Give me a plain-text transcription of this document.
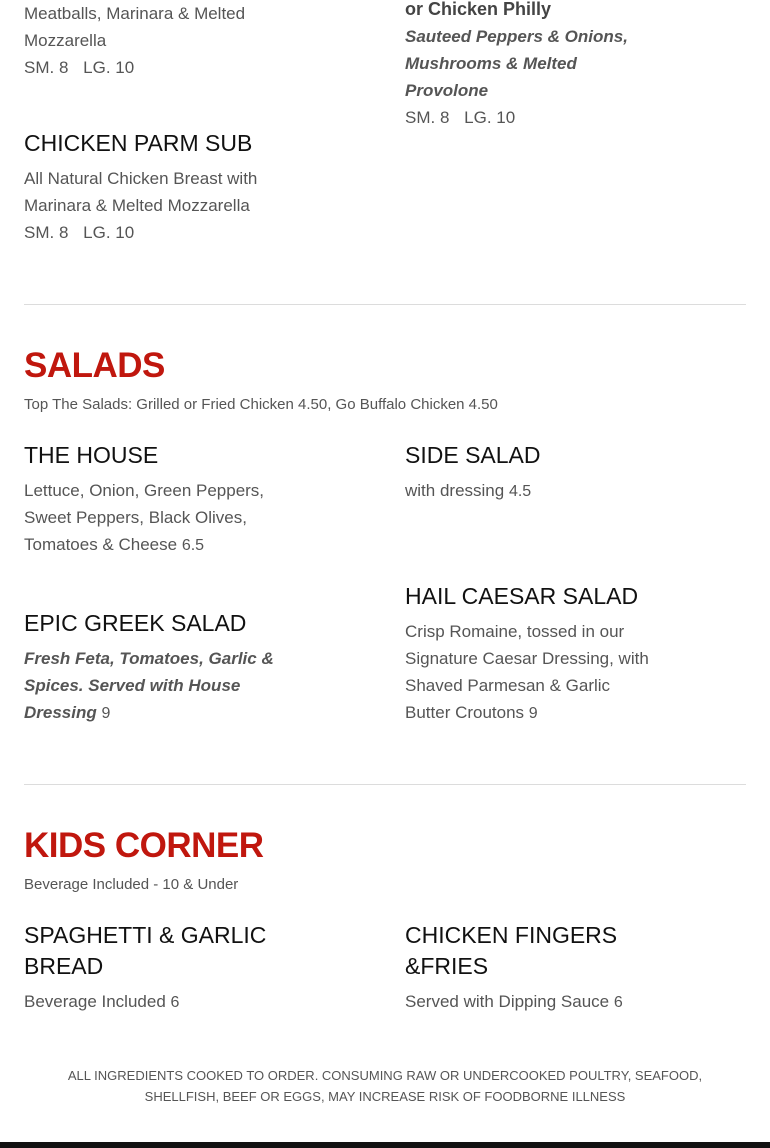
Meatballs, Marinara & Melted
Mozzarella
SM. 8 LG. 10
or Chicken Philly
Sauteed Peppers & Onions, Mushrooms & Melted Provolone
SM. 8 LG. 10
CHICKEN PARM SUB
All Natural Chicken Breast with Marinara & Melted Mozzarella
SM. 8 LG. 10
SALADS
Top The Salads: Grilled or Fried Chicken 4.50, Go Buffalo Chicken 4.50
THE HOUSE
Lettuce, Onion, Green Peppers, Sweet Peppers, Black Olives, Tomatoes & Cheese 6.5
SIDE SALAD
with dressing 4.5
EPIC GREEK SALAD
Fresh Feta, Tomatoes, Garlic & Spices. Served with House Dressing 9
HAIL CAESAR SALAD
Crisp Romaine, tossed in our Signature Caesar Dressing, with Shaved Parmesan & Garlic Butter Croutons 9
KIDS CORNER
Beverage Included - 10 & Under
SPAGHETTI & GARLIC BREAD
Beverage Included 6
CHICKEN FINGERS &FRIES
Served with Dipping Sauce 6
ALL INGREDIENTS COOKED TO ORDER. CONSUMING RAW OR UNDERCOOKED POULTRY, SEAFOOD,
SHELLFISH, BEEF OR EGGS, MAY INCREASE RISK OF FOODBORNE ILLNESS
